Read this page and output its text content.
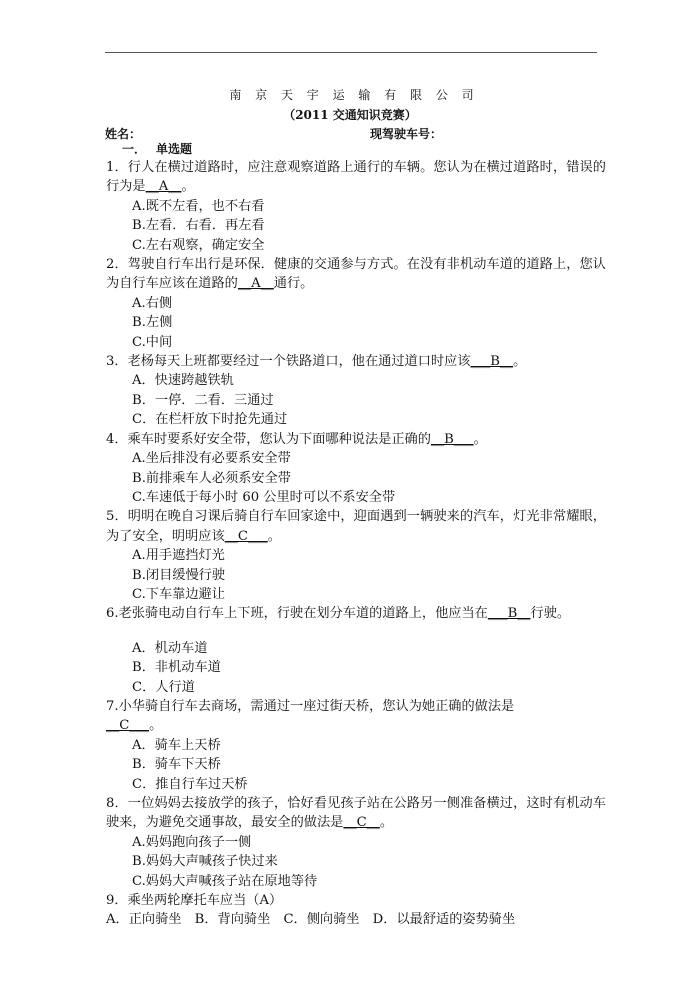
南 京 天 宇 运 输 有 限 公 司
（2011 交通知识竞赛）
姓名：	现驾驶车号：
一． 单选题

1．行人在横过道路时，应注意观察道路上通行的车辆。您认为在横过道路时，错误的行为是__A__。

A.既不左看，也不右看
B.左看．右看．再左看
C.左右观察，确定安全

2．驾驶自行车出行是环保．健康的交通参与方式。在没有非机动车道的道路上，您认为自行车应该在道路的__A__通行。

A.右侧
B.左侧
C.中间

3．老杨每天上班都要经过一个铁路道口，他在通过道口时应该___B__。

A．快速跨越铁轨
B．一停．二看．三通过
C．在栏杆放下时抢先通过

4．乘车时要系好安全带，您认为下面哪种说法是正确的__B___。

A.坐后排没有必要系安全带
B.前排乘车人必须系安全带
C.车速低于每小时 60 公里时可以不系安全带

5．明明在晚自习课后骑自行车回家途中，迎面遇到一辆驶来的汽车，灯光非常耀眼，为了安全，明明应该__C___。

A.用手遮挡灯光
B.闭目缓慢行驶
C.下车靠边避让

6.老张骑电动自行车上下班，行驶在划分车道的道路上，他应当在___B__行驶。

A．机动车道
B．非机动车道
C．人行道

7.小华骑自行车去商场，需通过一座过街天桥，您认为她正确的做法是
__C___。

A．骑车上天桥
B．骑车下天桥
C．推自行车过天桥

8．一位妈妈去接放学的孩子，恰好看见孩子站在公路另一侧准备横过，这时有机动车驶来，为避免交通事故，最安全的做法是__C__。

A.妈妈跑向孩子一侧
B.妈妈大声喊孩子快过来
C.妈妈大声喊孩子站在原地等待

9．乘坐两轮摩托车应当（A）

A．正向骑坐　B．背向骑坐　C．侧向骑坐　D．以最舒适的姿势骑坐
